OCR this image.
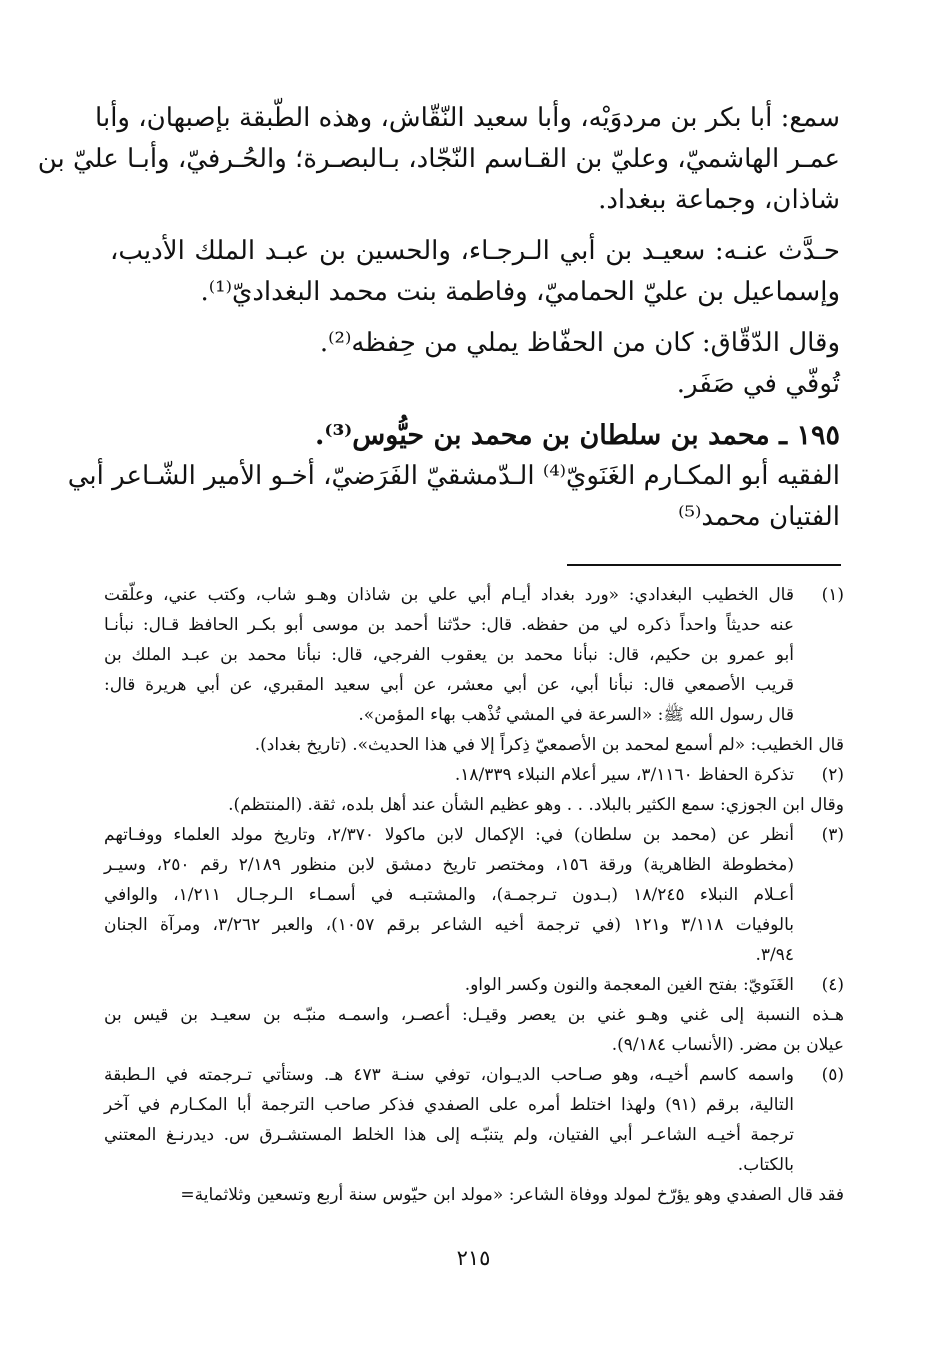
سمع: أبا بكر بن مردوَيْه، وأبا سعيد النّقّاش، وهذه الطّبقة بإصبهان، وأبا
عمـر الهاشميّ، وعليّ بن القـاسم النّجّاد، بـالبصـرة؛ والحُـرفيّ، وأبـا عليّ بن
شاذان، وجماعة ببغداد.
حـدَّث عنـه: سعيـد بن أبي الـرجـاء، والحسين بن عبـد الملك الأديب،
وإسماعيل بن عليّ الحماميّ، وفاطمة بنت محمد البغداديّ⁽¹⁾.
وقال الدّقّاق: كان من الحفّاظ يملي من حِفظه⁽²⁾.
تُوفّي في صَفَر.
١٩٥ ـ محمد بن سلطان بن محمد بن حيُّوس⁽³⁾.
الفقيه أبو المكـارم الغَنَويّ⁽⁴⁾ الـدّمشقيّ الفَرَضيّ، أخـو الأمير الشّـاعر أبي
الفتيان محمد⁽⁵⁾
(١)
قال الخطيب البغدادي: «ورد بغداد أيـام أبي علي بن شاذان وهـو شاب، وكتب عني، وعلّقت
عنه حديثاً واحداً ذكره لي من حفظه. قال: حدّثنا أحمد بن موسى أبو بكـر الحافظ قـال: نبأنـا
أبو عمرو بن حكيم، قال: نبأنا محمد بن يعقوب الفرجي، قال: نبأنا محمد بن عبـد الملك بن
قريب الأصمعي قال: نبأنا أبي، عن أبي معشر، عن أبي سعيد المقبري، عن أبي هريرة قال:
قال رسول الله ﷺ: «السرعة في المشي تُذْهب بهاء المؤمن».
قال الخطيب: «لم أسمع لمحمد بن الأصمعيّ ذِكراً إلا في هذا الحديث». (تاريخ بغداد).
(٢)
تذكرة الحفاظ ٣/١١٦٠، سير أعلام النبلاء ١٨/٣٣٩.
وقال ابن الجوزي: سمع الكثير بالبلاد. . . وهو عظيم الشأن عند أهل بلده، ثقة. (المنتظم).
(٣)
أنظر عن (محمد بن سلطان) في: الإكمال لابن ماكولا ٢/٣٧٠، وتاريخ مولد العلماء ووفـاتهم
(مخطوطة الظاهرية) ورقة ١٥٦، ومختصر تاريخ دمشق لابن منظور ٢/١٨٩ رقم ٢٥٠، وسيـر
أعـلام النبلاء ١٨/٢٤٥ (بـدون تـرجمـة)، والمشتبـه في أسمـاء الـرجـال ١/٢١١، والوافي
بالوفيات ٣/١١٨ و١٢١ (في ترجمة أخيه الشاعر برقم ١٠٥٧)، والعبر ٣/٢٦٢، ومرآة الجنان
٣/٩٤.
(٤)
الغَنَويّ: بفتح الغين المعجمة والنون وكسر الواو.
هـذه النسبة إلى غني وهـو غني بن يعصر وقيـل: أعصـر، واسمـه منبّـه بن سعيـد بن قيس بن
عيلان بن مضر. (الأنساب ٩/١٨٤).
(٥)
واسمه كاسم أخيـه، وهو صـاحب الديـوان، توفي سنـة ٤٧٣ هـ. وستأتي تـرجمته في الـطبقة
التالية، برقم (٩١) ولهذا اختلط أمره على الصفدي فذكر صاحب الترجمة أبا المكـارم في آخر
ترجمة أخيـه الشاعـر أبي الفتيان، ولم يتنبّـه إلى هذا الخلط المستشـرق س. ديدرنـغ المعتني
بالكتاب.
فقد قال الصفدي وهو يؤرّخ لمولد ووفاة الشاعر: «مولد ابن حيّوس سنة أربع وتسعين وثلاثماية=
٢١٥
